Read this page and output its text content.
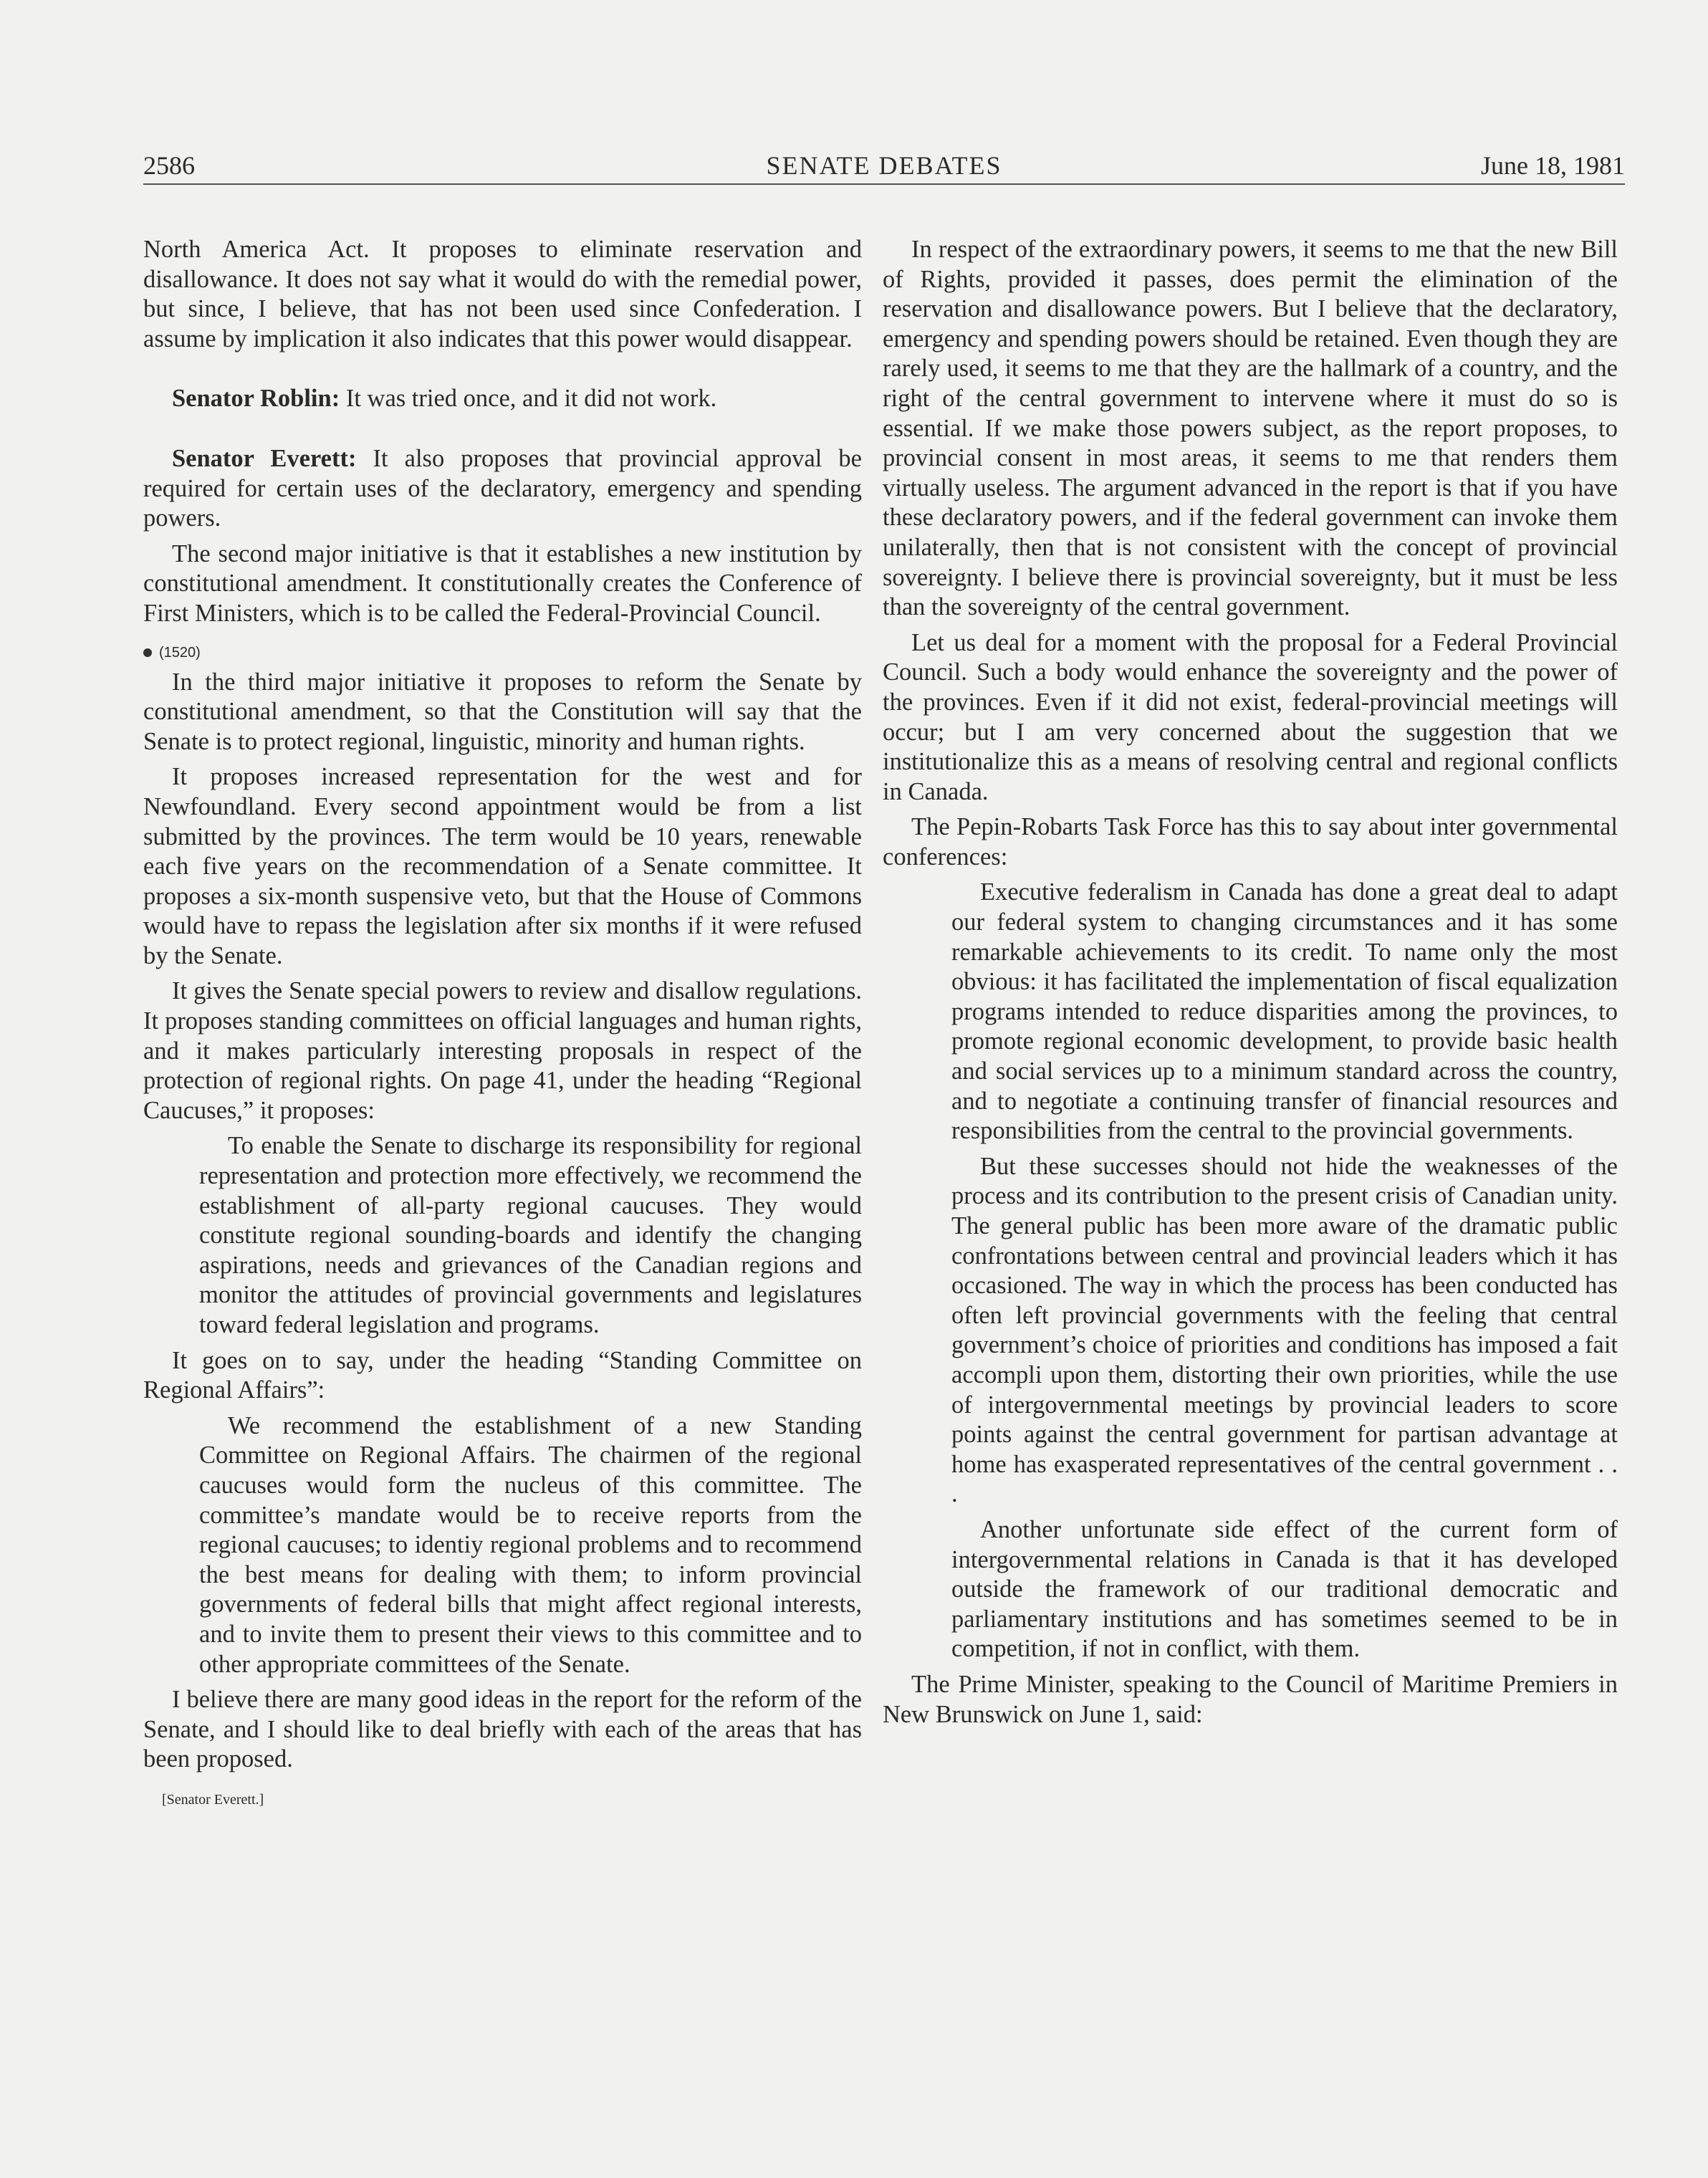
2586	SENATE DEBATES	June 18, 1981

North America Act. It proposes to eliminate reservation and disallowance. It does not say what it would do with the remedial power, but since, I believe, that has not been used since Confederation. I assume by implication it also indicates that this power would disappear.

Senator Roblin: It was tried once, and it did not work.

Senator Everett: It also proposes that provincial approval be required for certain uses of the declaratory, emergency and spending powers.

The second major initiative is that it establishes a new institution by constitutional amendment. It constitutionally creates the Conference of First Ministers, which is to be called the Federal-Provincial Council.

(1520)

In the third major initiative it proposes to reform the Senate by constitutional amendment, so that the Constitution will say that the Senate is to protect regional, linguistic, minority and human rights.

It proposes increased representation for the west and for Newfoundland. Every second appointment would be from a list submitted by the provinces. The term would be 10 years, renewable each five years on the recommendation of a Senate committee. It proposes a six-month suspensive veto, but that the House of Commons would have to repass the legislation after six months if it were refused by the Senate.

It gives the Senate special powers to review and disallow regulations. It proposes standing committees on official languages and human rights, and it makes particularly interesting proposals in respect of the protection of regional rights. On page 41, under the heading “Regional Caucuses,” it proposes:

To enable the Senate to discharge its responsibility for regional representation and protection more effectively, we recommend the establishment of all-party regional caucuses. They would constitute regional sounding-boards and identify the changing aspirations, needs and grievances of the Canadian regions and monitor the attitudes of provincial governments and legislatures toward federal legislation and programs.

It goes on to say, under the heading “Standing Committee on Regional Affairs”:

We recommend the establishment of a new Standing Committee on Regional Affairs. The chairmen of the regional caucuses would form the nucleus of this committee. The committee’s mandate would be to receive reports from the regional caucuses; to identiy regional problems and to recommend the best means for dealing with them; to inform provincial governments of federal bills that might affect regional interests, and to invite them to present their views to this committee and to other appropriate committees of the Senate.

I believe there are many good ideas in the report for the reform of the Senate, and I should like to deal briefly with each of the areas that has been proposed.

[Senator Everett.]

In respect of the extraordinary powers, it seems to me that the new Bill of Rights, provided it passes, does permit the elimination of the reservation and disallowance powers. But I believe that the declaratory, emergency and spending powers should be retained. Even though they are rarely used, it seems to me that they are the hallmark of a country, and the right of the central government to intervene where it must do so is essential. If we make those powers subject, as the report proposes, to provincial consent in most areas, it seems to me that renders them virtually useless. The argument advanced in the report is that if you have these declaratory powers, and if the federal government can invoke them unilaterally, then that is not consistent with the concept of provincial sovereignty. I believe there is provincial sovereignty, but it must be less than the sovereignty of the central government.

Let us deal for a moment with the proposal for a Federal Provincial Council. Such a body would enhance the sovereignty and the power of the provinces. Even if it did not exist, federal-provincial meetings will occur; but I am very concerned about the suggestion that we institutionalize this as a means of resolving central and regional conflicts in Canada.

The Pepin-Robarts Task Force has this to say about inter governmental conferences:

Executive federalism in Canada has done a great deal to adapt our federal system to changing circumstances and it has some remarkable achievements to its credit. To name only the most obvious: it has facilitated the implementation of fiscal equalization programs intended to reduce disparities among the provinces, to promote regional economic development, to provide basic health and social services up to a minimum standard across the country, and to negotiate a continuing transfer of financial resources and responsibilities from the central to the provincial governments.

But these successes should not hide the weaknesses of the process and its contribution to the present crisis of Canadian unity. The general public has been more aware of the dramatic public confrontations between central and provincial leaders which it has occasioned. The way in which the process has been conducted has often left provincial governments with the feeling that central government’s choice of priorities and conditions has imposed a fait accompli upon them, distorting their own priorities, while the use of intergovernmental meetings by provincial leaders to score points against the central government for partisan advantage at home has exasperated representatives of the central government . . .

Another unfortunate side effect of the current form of intergovernmental relations in Canada is that it has developed outside the framework of our traditional democratic and parliamentary institutions and has sometimes seemed to be in competition, if not in conflict, with them.

The Prime Minister, speaking to the Council of Maritime Premiers in New Brunswick on June 1, said:
